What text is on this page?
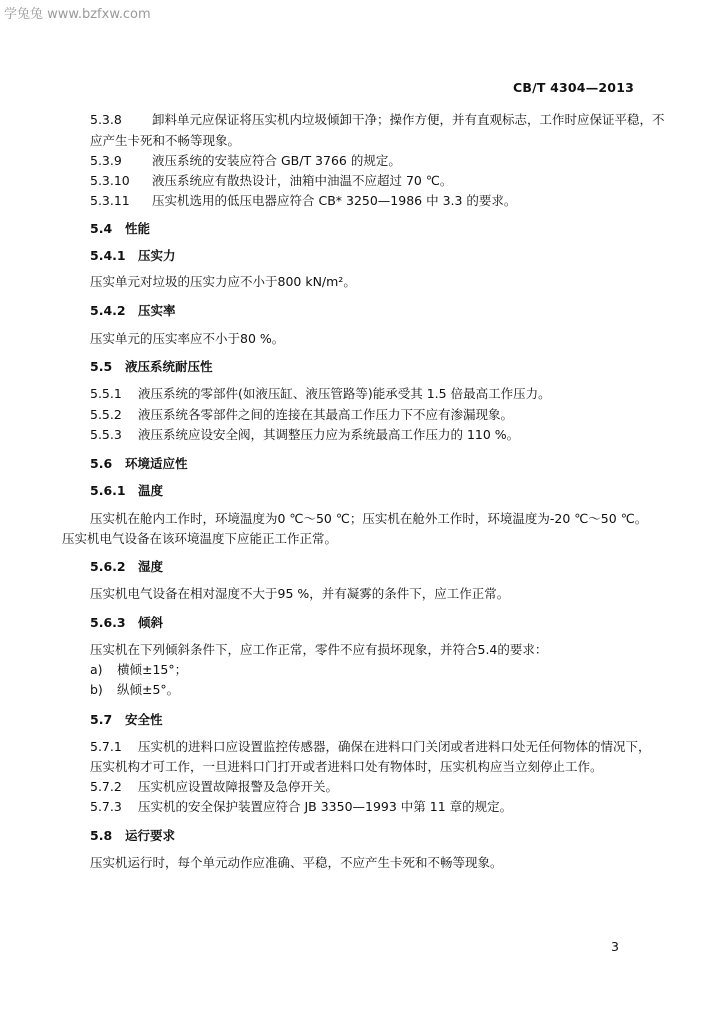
学兔兔 www.bzfxw.com
CB/T 4304—2013
5.3.8 卸料单元应保证将压实机内垃圾倾卸干净；操作方便，并有直观标志，工作时应保证平稳，不
应产生卡死和不畅等现象。
5.3.9 液压系统的安装应符合 GB/T 3766 的规定。
5.3.10 液压系统应有散热设计，油箱中油温不应超过 70 ℃。
5.3.11 压实机选用的低压电器应符合 CB* 3250—1986 中 3.3 的要求。
5.4 性能
5.4.1 压实力
压实单元对垃圾的压实力应不小于800 kN/m²。
5.4.2 压实率
压实单元的压实率应不小于80 %。
5.5 液压系统耐压性
5.5.1 液压系统的零部件(如液压缸、液压管路等)能承受其 1.5 倍最高工作压力。
5.5.2 液压系统各零部件之间的连接在其最高工作压力下不应有渗漏现象。
5.5.3 液压系统应设安全阀，其调整压力应为系统最高工作压力的 110 %。
5.6 环境适应性
5.6.1 温度
压实机在舱内工作时，环境温度为0 ℃～50 ℃；压实机在舱外工作时，环境温度为-20 ℃～50 ℃。
压实机电气设备在该环境温度下应能正工作正常。
5.6.2 湿度
压实机电气设备在相对湿度不大于95 %，并有凝雾的条件下，应工作正常。
5.6.3 倾斜
压实机在下列倾斜条件下，应工作正常，零件不应有损坏现象，并符合5.4的要求：
a) 横倾±15°；
b) 纵倾±5°。
5.7 安全性
5.7.1 压实机的进料口应设置监控传感器，确保在进料口门关闭或者进料口处无任何物体的情况下，
压实机构才可工作，一旦进料口门打开或者进料口处有物体时，压实机构应当立刻停止工作。
5.7.2 压实机应设置故障报警及急停开关。
5.7.3 压实机的安全保护装置应符合 JB 3350—1993 中第 11 章的规定。
5.8 运行要求
压实机运行时，每个单元动作应准确、平稳，不应产生卡死和不畅等现象。
3
